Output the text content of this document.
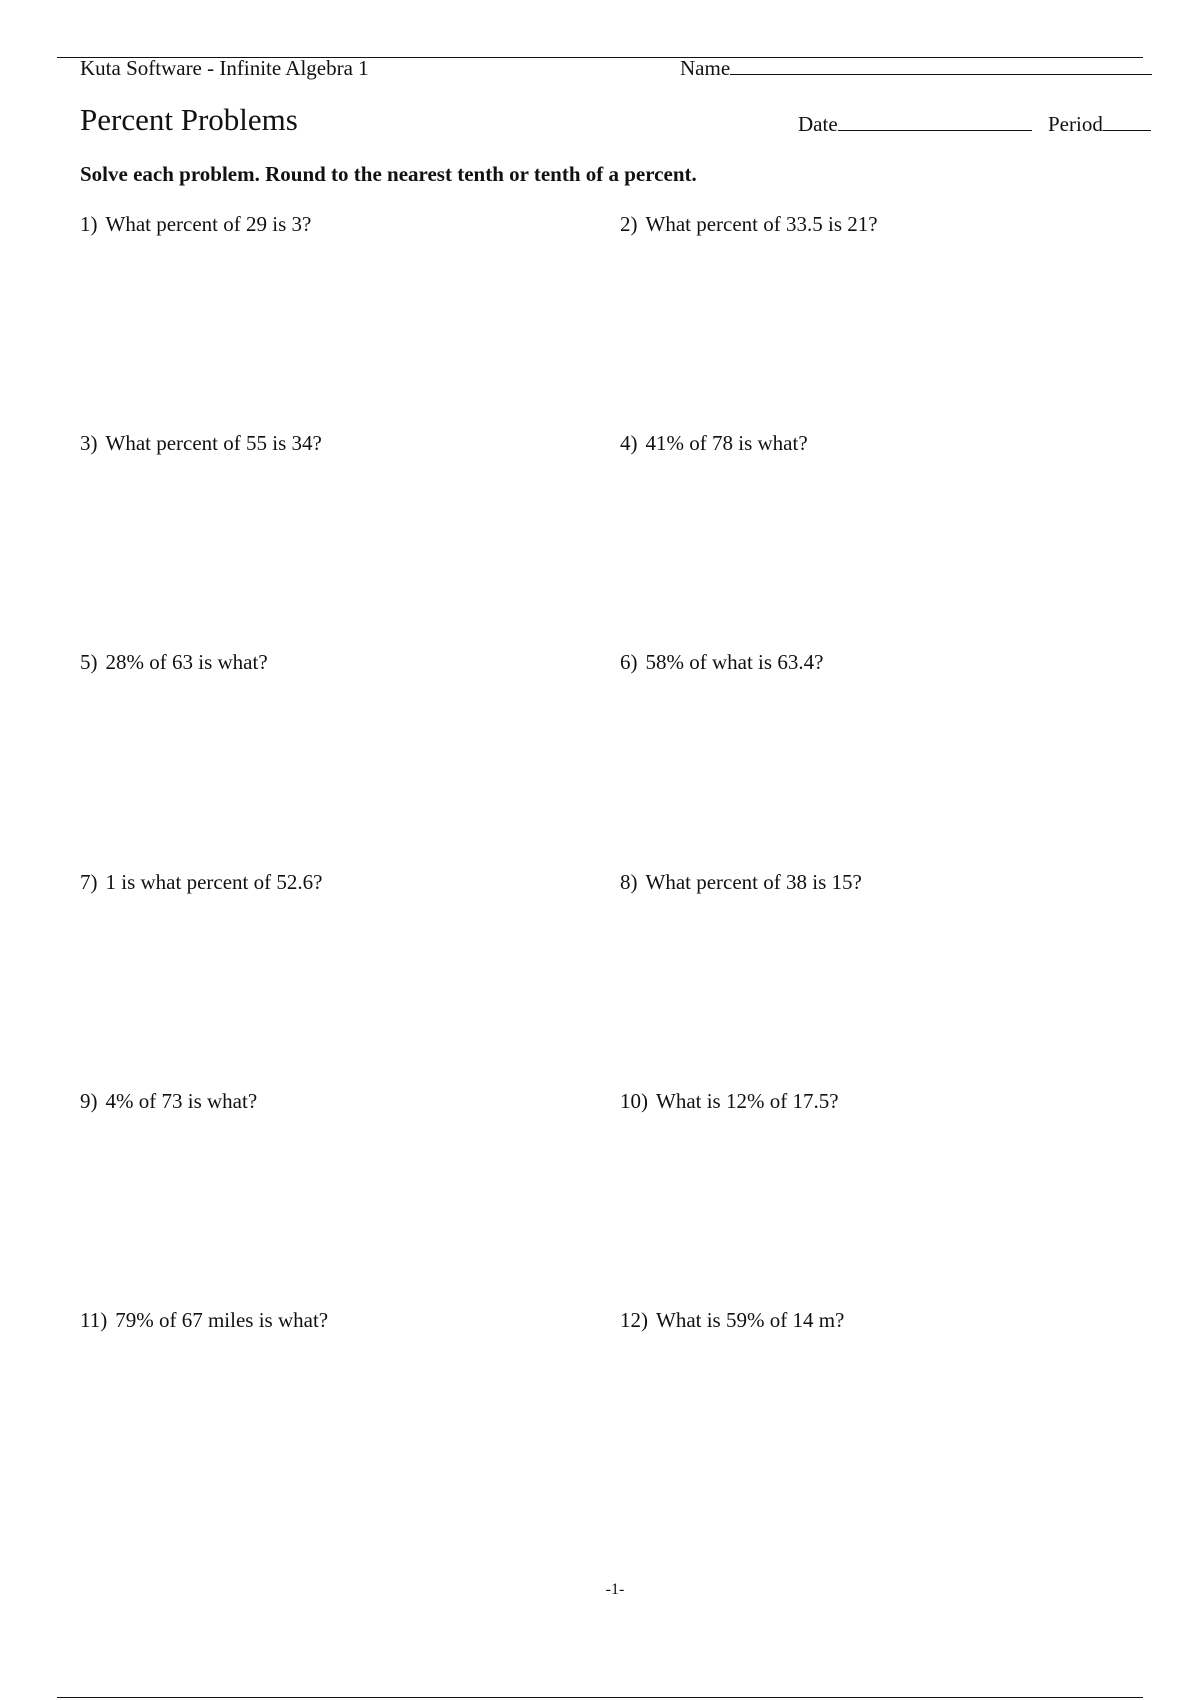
Kuta Software - Infinite Algebra 1	Name
Percent Problems	Date	Period
Solve each problem. Round to the nearest tenth or tenth of a percent.
1) What percent of 29 is 3?	2) What percent of 33.5 is 21?
3) What percent of 55 is 34?	4) 41% of 78 is what?
5) 28% of 63 is what?	6) 58% of what is 63.4?
7) 1 is what percent of 52.6?	8) What percent of 38 is 15?
9) 4% of 73 is what?	10) What is 12% of 17.5?
11) 79% of 67 miles is what?	12) What is 59% of 14 m?
-1-
